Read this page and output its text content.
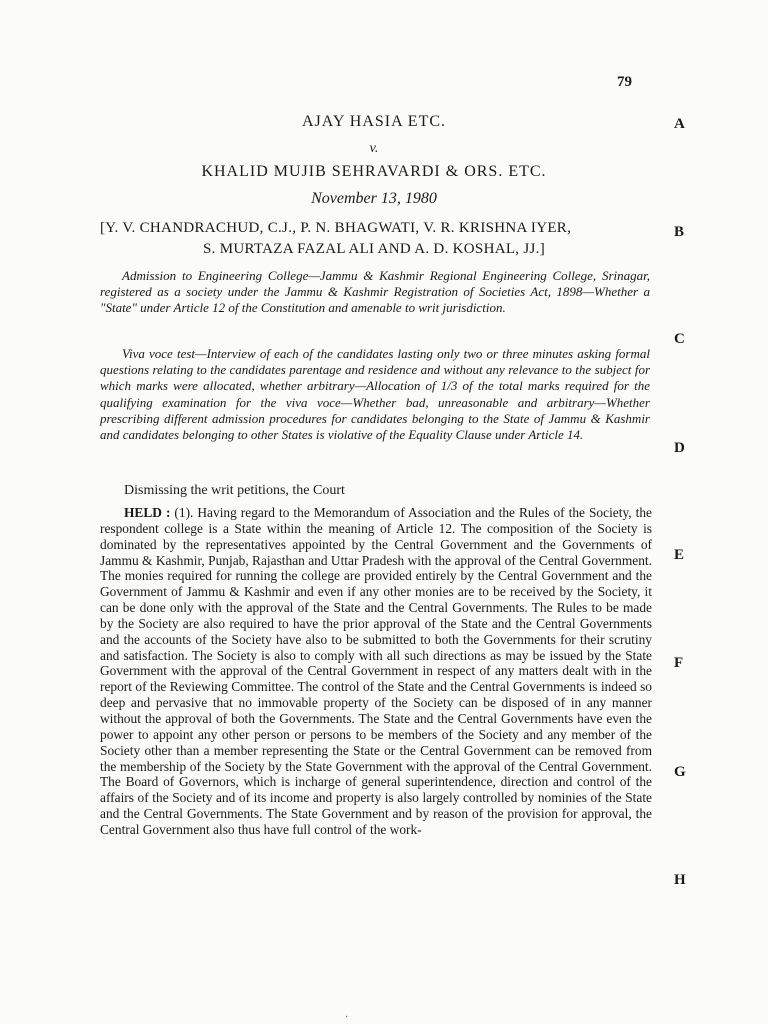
79
AJAY HASIA ETC.
v.
KHALID MUJIB SEHRAVARDI & ORS. ETC.
November 13, 1980
[Y. V. CHANDRACHUD, C.J., P. N. BHAGWATI, V. R. KRISHNA IYER,
S. MURTAZA FAZAL ALI AND A. D. KOSHAL, JJ.]

Admission to Engineering College—Jammu & Kashmir Regional Engineering College, Srinagar, registered as a society under the Jammu & Kashmir Registration of Societies Act, 1898—Whether a "State" under Article 12 of the Constitution and amenable to writ jurisdiction.

Viva voce test—Interview of each of the candidates lasting only two or three minutes asking formal questions relating to the candidates parentage and residence and without any relevance to the subject for which marks were allocated, whether arbitrary—Allocation of 1/3 of the total marks required for the qualifying examination for the viva voce—Whether bad, unreasonable and arbitrary—Whether prescribing different admission procedures for candidates belonging to the State of Jammu & Kashmir and candidates belonging to other States is violative of the Equality Clause under Article 14.

Dismissing the writ petitions, the Court

HELD : (1). Having regard to the Memorandum of Association and the Rules of the Society, the respondent college is a State within the meaning of Article 12. The composition of the Society is dominated by the representatives appointed by the Central Government and the Governments of Jammu & Kashmir, Punjab, Rajasthan and Uttar Pradesh with the approval of the Central Government. The monies required for running the college are provided entirely by the Central Government and the Government of Jammu & Kashmir and even if any other monies are to be received by the Society, it can be done only with the approval of the State and the Central Governments. The Rules to be made by the Society are also required to have the prior approval of the State and the Central Governments and the accounts of the Society have also to be submitted to both the Governments for their scrutiny and satisfaction. The Society is also to comply with all such directions as may be issued by the State Government with the approval of the Central Government in respect of any matters dealt with in the report of the Reviewing Committee. The control of the State and the Central Governments is indeed so deep and pervasive that no immovable property of the Society can be disposed of in any manner without the approval of both the Governments. The State and the Central Governments have even the power to appoint any other person or persons to be members of the Society and any member of the Society other than a member representing the State or the Central Government can be removed from the membership of the Society by the State Government with the approval of the Central Government. The Board of Governors, which is incharge of general superintendence, direction and control of the affairs of the Society and of its income and property is also largely controlled by nominies of the State and the Central Governments. The State Government and by reason of the provision for approval, the Central Government also thus have full control of the work-

A
B
C
D
E
F
G
H
·
